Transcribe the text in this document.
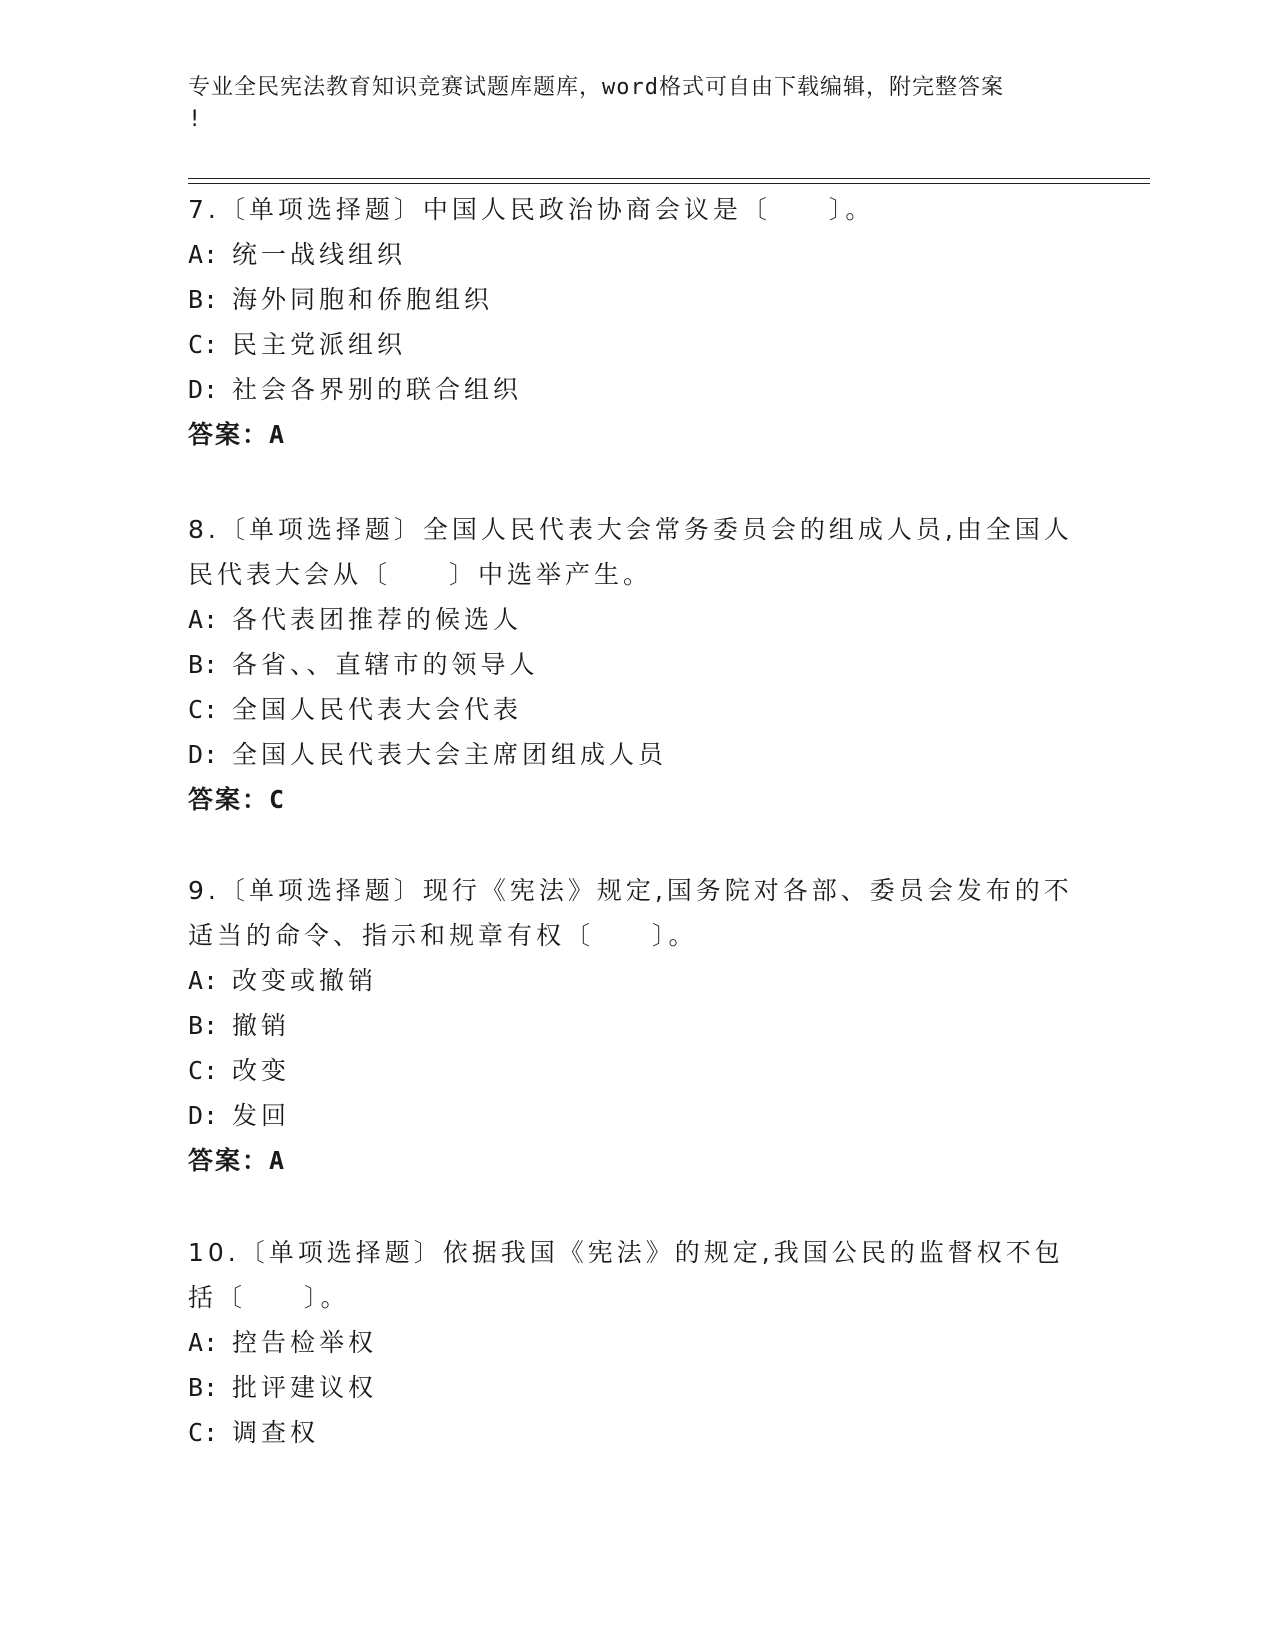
专业全民宪法教育知识竞赛试题库题库，word格式可自由下载编辑，附完整答案
!

7.〔单项选择题〕中国人民政治协商会议是〔　　〕。

A: 统一战线组织
B: 海外同胞和侨胞组织
C: 民主党派组织
D: 社会各界别的联合组织
答案：A

8.〔单项选择题〕全国人民代表大会常务委员会的组成人员,由全国人民代表大会从〔　　〕中选举产生。

A: 各代表团推荐的候选人
B: 各省、、直辖市的领导人
C: 全国人民代表大会代表
D: 全国人民代表大会主席团组成人员
答案：C

9.〔单项选择题〕现行《宪法》规定,国务院对各部、委员会发布的不适当的命令、指示和规章有权〔　　〕。

A: 改变或撤销
B: 撤销
C: 改变
D: 发回
答案：A

10.〔单项选择题〕依据我国《宪法》的规定,我国公民的监督权不包括〔　　〕。

A: 控告检举权
B: 批评建议权
C: 调查权
